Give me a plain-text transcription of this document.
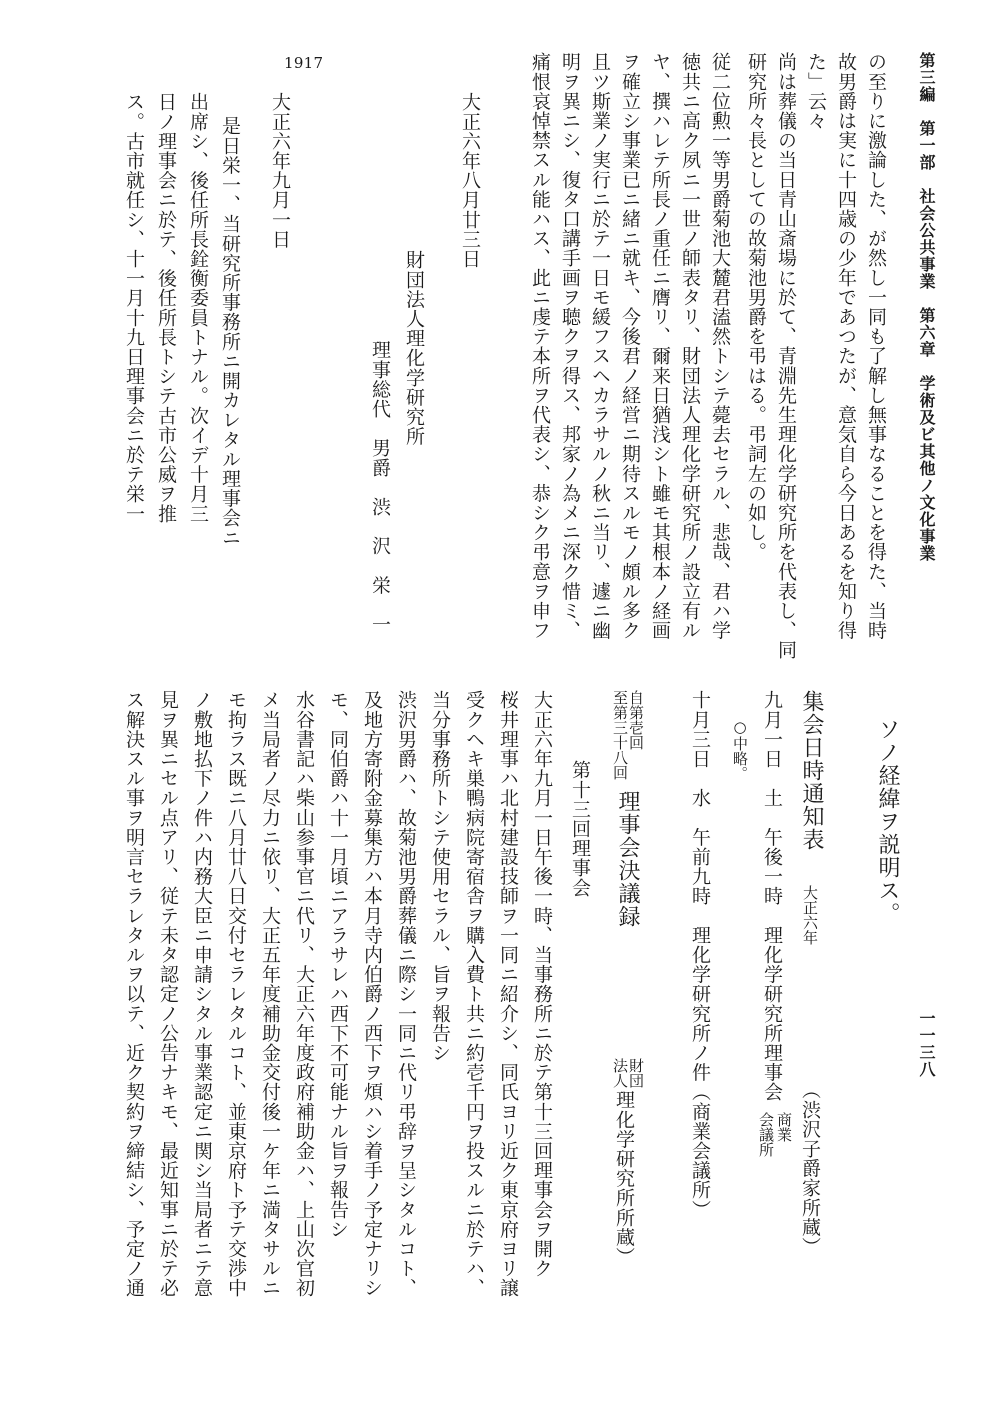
第三編　第一部　社会公共事業　第六章　学術及ビ其他ノ文化事業
一一三八
の至りに激論した、が然し一同も了解し無事なることを得た、当時
故男爵は実に十四歳の少年であつたが、意気自ら今日あるを知り得
た」云々
尚は葬儀の当日青山斎場に於て、青淵先生理化学研究所を代表し、同
研究所々長としての故菊池男爵を弔はる。弔詞左の如し。
従二位勲一等男爵菊池大麓君溘然トシテ薨去セラル、悲哉、君ハ学
徳共ニ高ク夙ニ一世ノ師表タリ、財団法人理化学研究所ノ設立有ル
ヤ、撰ハレテ所長ノ重任ニ膺リ、爾来日猶浅シト雖モ其根本ノ経画
ヲ確立シ事業已ニ緒ニ就キ、今後君ノ経営ニ期待スルモノ頗ル多ク
且ツ斯業ノ実行ニ於テ一日モ緩フスヘカラサルノ秋ニ当リ、遽ニ幽
明ヲ異ニシ、復タ口講手画ヲ聴クヲ得ス、邦家ノ為メニ深ク惜ミ、
痛恨哀悼禁スル能ハス、此ニ虔テ本所ヲ代表シ、恭シク弔意ヲ申フ
大正六年八月廿三日
財団法人理化学研究所
理事総代　男爵　渋　沢　栄　一
1917
大正六年九月一日
是日栄一、当研究所事務所ニ開カレタル理事会ニ
出席シ、後任所長銓衡委員トナル。次イデ十月三
日ノ理事会ニ於テ、後任所長トシテ古市公威ヲ推
ス。古市就任シ、十一月十九日理事会ニ於テ栄一
ソノ経緯ヲ説明ス。
集会日時通知表
大正六年
（渋沢子爵家所蔵）
九月一日　土　午後一時　理化学研究所理事会
商業
会議所
○中略。
十月三日　水　午前九時　理化学研究所ノ件（商業会議所）
自第壱回
至第三十八回
理事会決議録
財団
法人
理化学研究所所蔵）
第十三回理事会
大正六年九月一日午後一時、当事務所ニ於テ第十三回理事会ヲ開ク
桜井理事ハ北村建設技師ヲ一同ニ紹介シ、同氏ヨリ近ク東京府ヨリ譲
受クヘキ巣鴨病院寄宿舎ヲ購入費ト共ニ約壱千円ヲ投スルニ於テハ、
当分事務所トシテ使用セラル、旨ヲ報告シ
渋沢男爵ハ、故菊池男爵葬儀ニ際シ一同ニ代リ弔辞ヲ呈シタルコト、
及地方寄附金募集方ハ本月寺内伯爵ノ西下ヲ煩ハシ着手ノ予定ナリシ
モ、同伯爵ハ十一月頃ニアラサレハ西下不可能ナル旨ヲ報告シ
水谷書記ハ柴山参事官ニ代リ、大正六年度政府補助金ハ、上山次官初
メ当局者ノ尽力ニ依リ、大正五年度補助金交付後一ケ年ニ満タサルニ
モ拘ラス既ニ八月廿八日交付セラレタルコト、並東京府ト予テ交渉中
ノ敷地払下ノ件ハ内務大臣ニ申請シタル事業認定ニ関シ当局者ニテ意
見ヲ異ニセル点アリ、従テ未タ認定ノ公告ナキモ、最近知事ニ於テ必
ス解決スル事ヲ明言セラレタルヲ以テ、近ク契約ヲ締結シ、予定ノ通
